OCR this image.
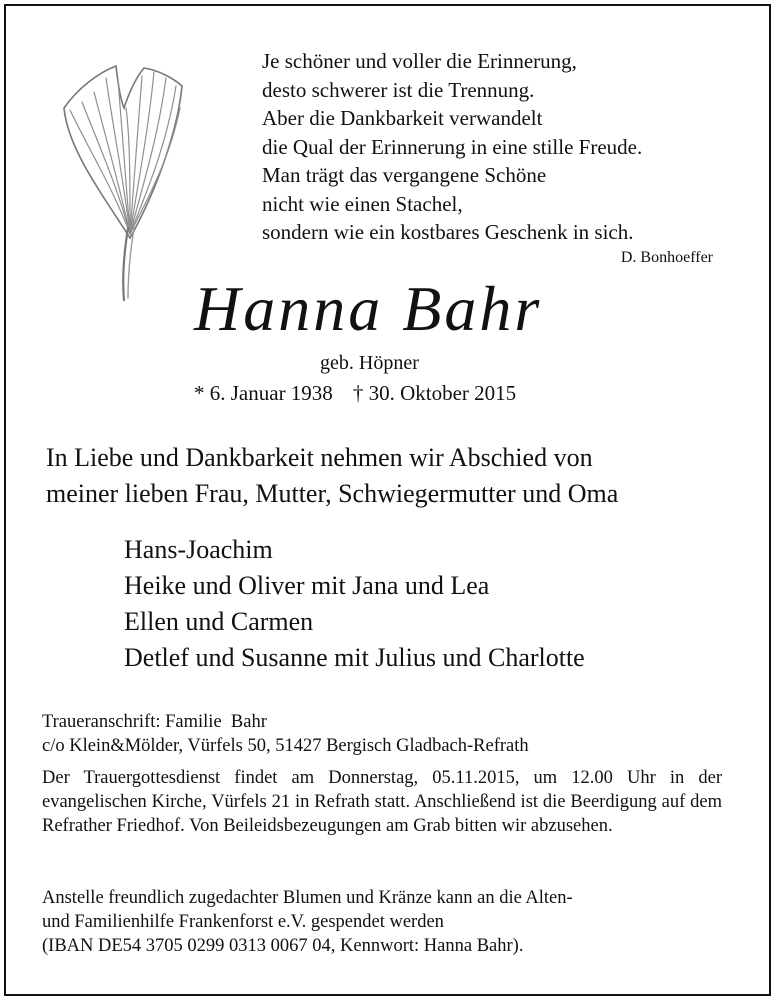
Je schöner und voller die Erinnerung,
desto schwerer ist die Trennung.
Aber die Dankbarkeit verwandelt
die Qual der Erinnerung in eine stille Freude.
Man trägt das vergangene Schöne
nicht wie einen Stachel,
sondern wie ein kostbares Geschenk in sich.
D. Bonhoeffer
Hanna Bahr
geb. Höpner
* 6. Januar 1938 † 30. Oktober 2015
In Liebe und Dankbarkeit nehmen wir Abschied von
meiner lieben Frau, Mutter, Schwiegermutter und Oma
Hans-Joachim
Heike und Oliver mit Jana und Lea
Ellen und Carmen
Detlef und Susanne mit Julius und Charlotte
Traueranschrift: Familie  Bahr
c/o Klein&Mölder, Vürfels 50, 51427 Bergisch Gladbach-Refrath

Der Trauergottesdienst findet am Donnerstag, 05.11.2015, um 12.00 Uhr in der evangelischen Kirche, Vürfels 21 in Refrath statt. Anschließend ist die Beerdigung auf dem Refrather Friedhof. Von Beileidsbezeugungen am Grab bitten wir abzusehen.

Anstelle freundlich zugedachter Blumen und Kränze kann an die Alten-
und Familienhilfe Frankenforst e.V. gespendet werden
(IBAN DE54 3705 0299 0313 0067 04, Kennwort: Hanna Bahr).
